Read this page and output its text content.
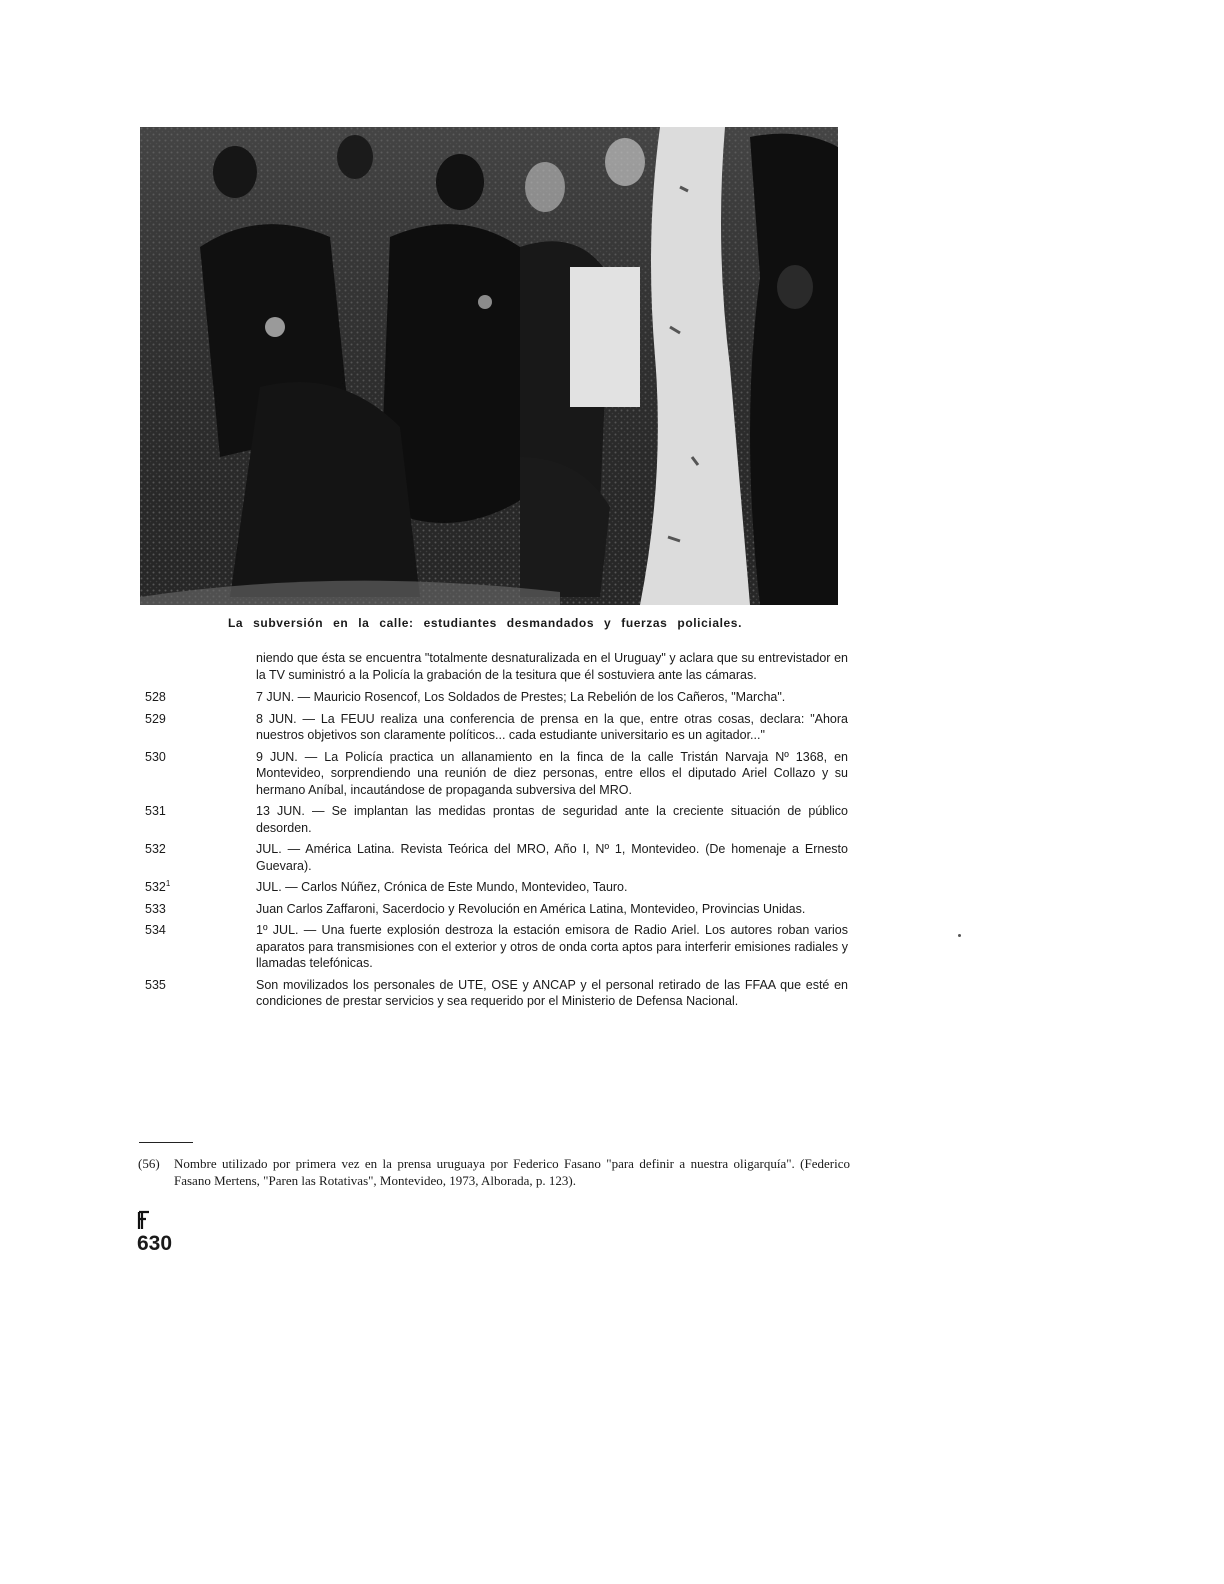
La subversión en la calle: estudiantes desmandados y fuerzas policiales.
niendo que ésta se encuentra "totalmente desnaturalizada en el Uruguay" y aclara que su entrevistador en la TV suministró a la Policía la grabación de la tesitura que él sostuviera ante las cámaras.
528	7 JUN. — Mauricio Rosencof, Los Soldados de Prestes; La Rebelión de los Cañeros, "Marcha".
529	8 JUN. — La FEUU realiza una conferencia de prensa en la que, entre otras cosas, declara: "Ahora nuestros objetivos son claramente políticos... cada estudiante universitario es un agitador..."
530	9 JUN. — La Policía practica un allanamiento en la finca de la calle Tristán Narvaja Nº 1368, en Montevideo, sorprendiendo una reunión de diez personas, entre ellos el diputado Ariel Collazo y su hermano Aníbal, incautándose de propaganda subversiva del MRO.
531	13 JUN. — Se implantan las medidas prontas de seguridad ante la creciente situación de público desorden.
532	JUL. — América Latina. Revista Teórica del MRO, Año I, Nº 1, Montevideo. (De homenaje a Ernesto Guevara).
$532^1$	JUL. — Carlos Núñez, Crónica de Este Mundo, Montevideo, Tauro.
533	Juan Carlos Zaffaroni, Sacerdocio y Revolución en América Latina, Montevideo, Provincias Unidas.
534	1º JUL. — Una fuerte explosión destroza la estación emisora de Radio Ariel. Los autores roban varios aparatos para transmisiones con el exterior y otros de onda corta aptos para interferir emisiones radiales y llamadas telefónicas.
535	Son movilizados los personales de UTE, OSE y ANCAP y el personal retirado de las FFAA que esté en condiciones de prestar servicios y sea requerido por el Ministerio de Defensa Nacional.
(56) Nombre utilizado por primera vez en la prensa uruguaya por Federico Fasano "para definir a nuestra oligarquía". (Federico Fasano Mertens, "Paren las Rotativas", Montevideo, 1973, Alborada, p. 123).
630
